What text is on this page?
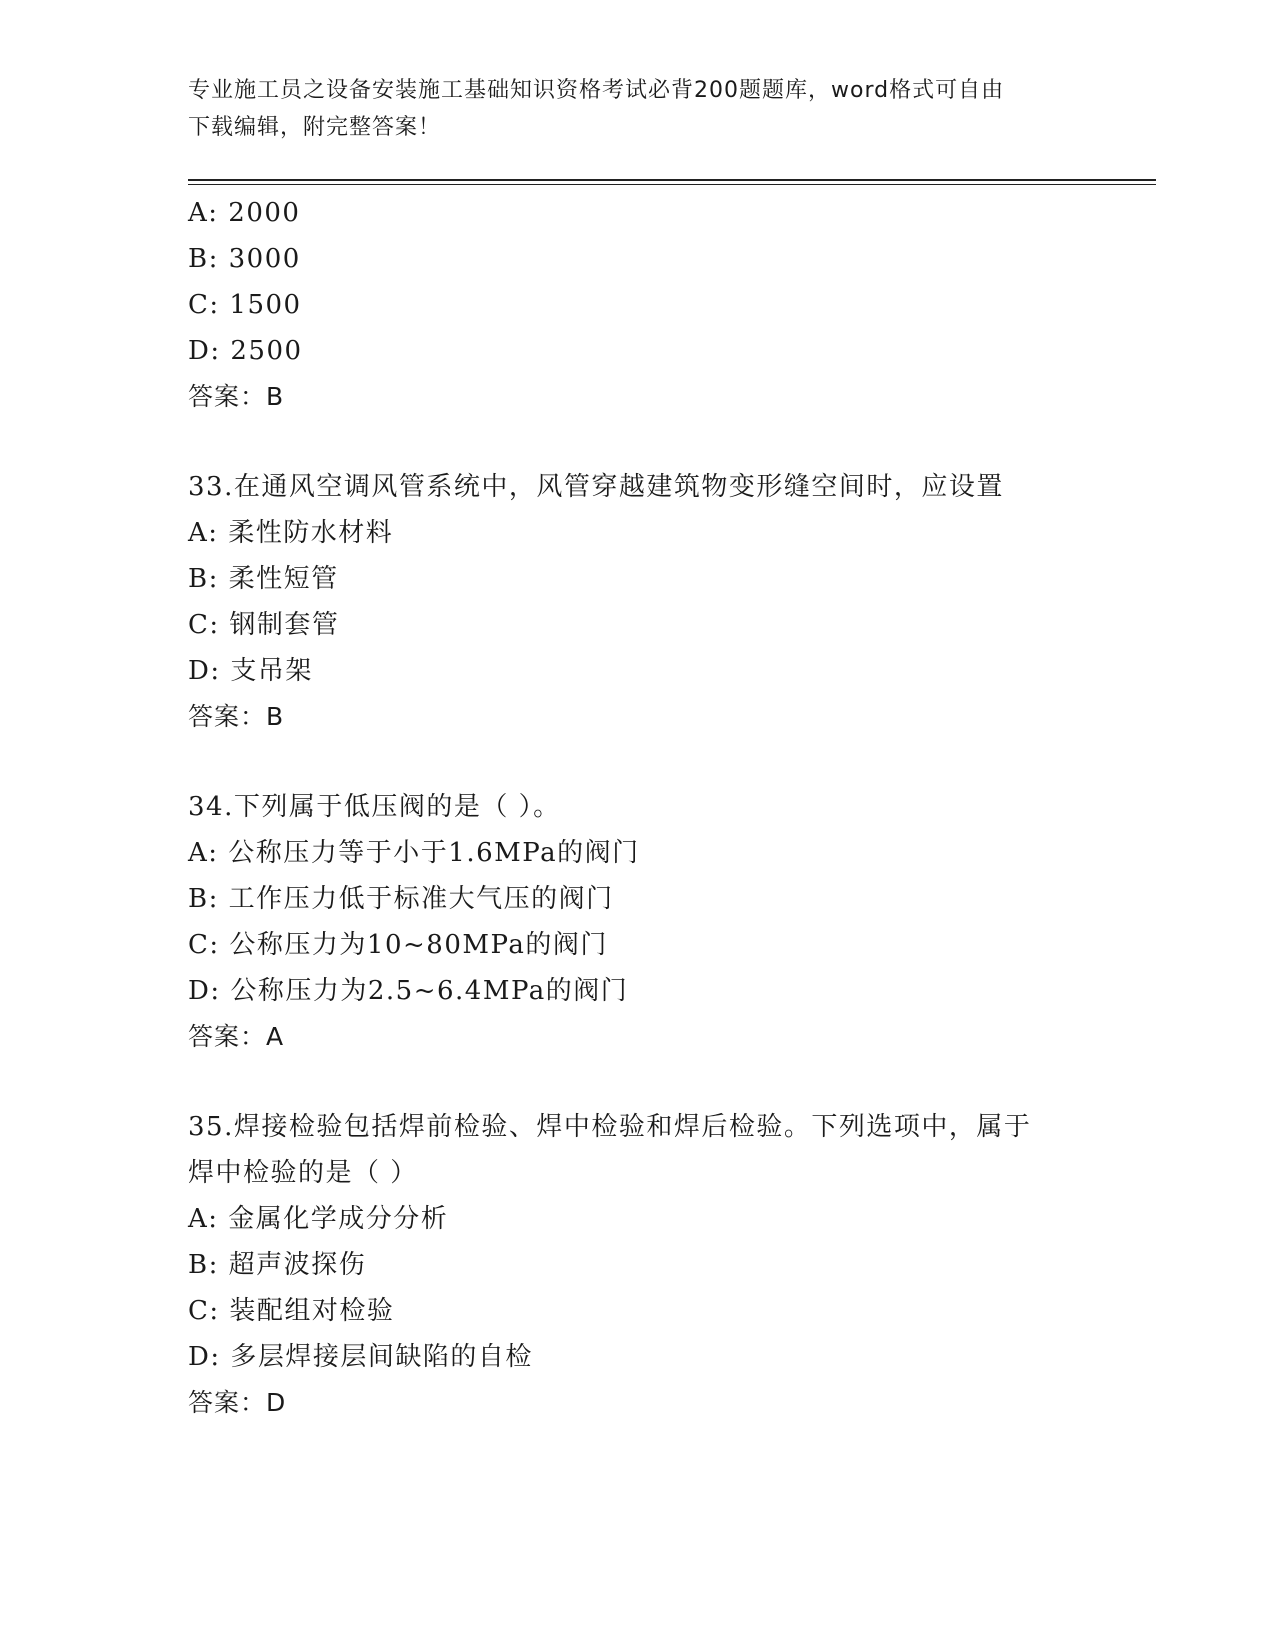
专业施工员之设备安装施工基础知识资格考试必背200题题库，word格式可自由
下载编辑，附完整答案！
A: 2000
B: 3000
C: 1500
D: 2500
答案：B
33.在通风空调风管系统中，风管穿越建筑物变形缝空间时，应设置
A: 柔性防水材料
B: 柔性短管
C: 钢制套管
D: 支吊架
答案：B
34.下列属于低压阀的是（ ）。
A: 公称压力等于小于1.6MPa的阀门
B: 工作压力低于标准大气压的阀门
C: 公称压力为10~80MPa的阀门
D: 公称压力为2.5~6.4MPa的阀门
答案：A
35.焊接检验包括焊前检验、焊中检验和焊后检验。下列选项中，属于
焊中检验的是（ ）
A: 金属化学成分分析
B: 超声波探伤
C: 装配组对检验
D: 多层焊接层间缺陷的自检
答案：D
